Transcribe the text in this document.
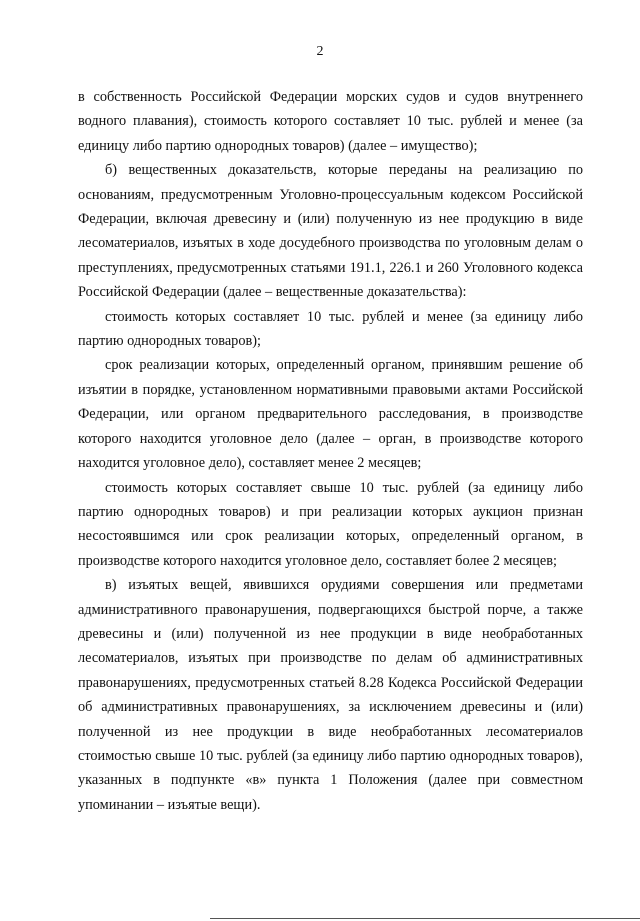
2

в собственность Российской Федерации морских судов и судов внутреннего водного плавания), стоимость которого составляет 10 тыс. рублей и менее (за единицу либо партию однородных товаров) (далее – имущество);

б) вещественных доказательств, которые переданы на реализацию по основаниям, предусмотренным Уголовно-процессуальным кодексом Российской Федерации, включая древесину и (или) полученную из нее продукцию в виде лесоматериалов, изъятых в ходе досудебного производства по уголовным делам о преступлениях, предусмотренных статьями 191.1, 226.1 и 260 Уголовного кодекса Российской Федерации (далее – вещественные доказательства):

стоимость которых составляет 10 тыс. рублей и менее (за единицу либо партию однородных товаров);

срок реализации которых, определенный органом, принявшим решение об изъятии в порядке, установленном нормативными правовыми актами Российской Федерации, или органом предварительного расследования, в производстве которого находится уголовное дело (далее – орган, в производстве которого находится уголовное дело), составляет менее 2 месяцев;

стоимость которых составляет свыше 10 тыс. рублей (за единицу либо партию однородных товаров) и при реализации которых аукцион признан несостоявшимся или срок реализации которых, определенный органом, в производстве которого находится уголовное дело, составляет более 2 месяцев;

в) изъятых вещей, явившихся орудиями совершения или предметами административного правонарушения, подвергающихся быстрой порче, а также древесины и (или) полученной из нее продукции в виде необработанных лесоматериалов, изъятых при производстве по делам об административных правонарушениях, предусмотренных статьей 8.28 Кодекса Российской Федерации об административных правонарушениях, за исключением древесины и (или) полученной из нее продукции в виде необработанных лесоматериалов стоимостью свыше 10 тыс. рублей (за единицу либо партию однородных товаров), указанных в подпункте «в» пункта 1 Положения (далее при совместном упоминании – изъятые вещи).
